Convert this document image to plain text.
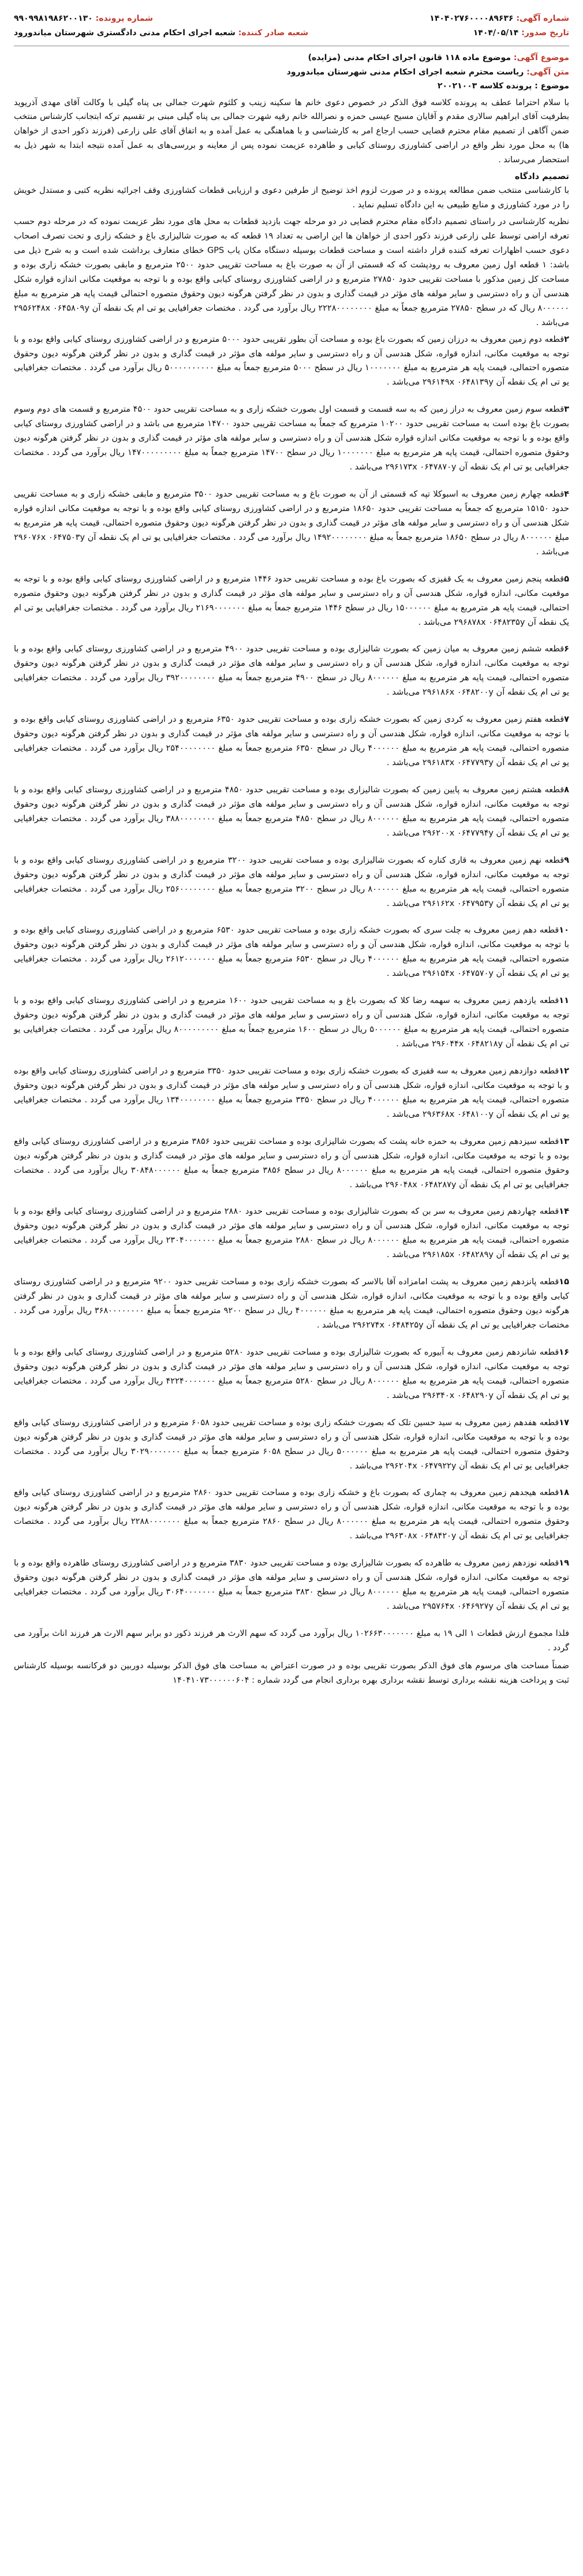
شماره آگهی: ۱۴۰۴۰۲۷۶۰۰۰۰۸۹۶۳۶
شماره پرونده: ۹۹۰۹۹۸۱۹۸۶۲۰۰۱۳۰
تاریخ صدور: ۱۴۰۴/۰۵/۱۴
شعبه صادر کننده: شعبه اجرای احکام مدنی دادگستری شهرستان میاندورود
موضوع آگهی: موضوع ماده ۱۱۸ قانون اجرای احکام مدنی (مزایده)
متن آگهی: ریاست محترم شعبه اجرای احکام مدنی شهرستان میاندورود
موضوع : پرونده کلاسه ۲۰۰۲۱۰۰۳

با سلام احتراما عطف به پرونده کلاسه فوق الذکر در خصوص دعوی خانم ها سکینه زینب و کلثوم شهرت جمالی بی پناه گیلی با وکالت آقای مهدی آذریوید بطرفیت آقای ابراهیم سالاری مقدم و آقایان مسیح عیسی حمزه و نصرالله خانم رقیه شهرت جمالی بی پناه گیلی مبنی بر تقسیم ترکه ابتجانب کارشناس منتخب ضمن آگاهی از تصمیم مقام محترم قضایی حسب ارجاع امر به کارشناسی و با هماهنگی به عمل آمده و به اتفاق آقای علی زارعی (فرزند ذکور احدی از خواهان ها) به محل مورد نظر واقع در اراضی کشاورزی روستای کیابی و طاهرده عزیمت نموده پس از معاینه و بررسی‌های به عمل آمده نتیجه ابتدا به شهر ذیل به استحضار می‌رساند .

تصمیم دادگاه

با کارشناسی منتخب ضمن مطالعه پرونده و در صورت لزوم اخذ توضیح از طرفین دعوی و ارزیابی قطعات کشاورزی وقف اجرائیه نظریه کتبی و مستدل خویش را در مورد کشاورزی و منابع طبیعی به این دادگاه تسلیم نماید .

نظریه کارشناسی در راستای تصمیم دادگاه مقام محترم قضایی در دو مرحله جهت بازدید قطعات به محل های مورد نظر عزیمت نموده که در مرحله دوم حسب تعرفه اراضی توسط علی زارعی فرزند ذکور احدی از خواهان ها این اراضی به تعداد ۱۹ قطعه که به صورت شالیزاری باغ و خشکه زاری و تحت تصرف اصحاب دعوی حسب اظهارات تعرفه کننده قرار داشته است و مساحت قطعات بوسیله دستگاه مکان یاب GPS خطای متعارف برداشت شده است و به شرح ذیل می باشد: ۱ قطعه اول زمین معروف به رودپشت که که قسمتی از آن به صورت باغ به مساحت تقریبی حدود ۲۵۰۰ مترمربع و مابقی بصورت خشکه زاری بوده و مساحت کل زمین مذکور با مساحت تقریبی حدود ۲۷۸۵۰ مترمربع و در اراضی کشاورزی روستای کیابی واقع بوده و با توجه به موقعیت مکانی اندازه قواره شکل هندسی آن و راه دسترسی و سایر مولفه های مؤثر در قیمت گذاری و بدون در نظر گرفتن هرگونه دیون وحقوق متصوره احتمالی قیمت پایه هر مترمربع به مبلغ ۸۰۰۰۰۰۰ ریال که در سطح ۲۷۸۵۰ مترمربع جمعاً به مبلغ ۲۲۲۸۰۰۰۰۰۰۰۰ ریال برآورد می گردد . مختصات جغرافیایی یو تی ام یک نقطه آن ۲۹۵۶۲۴۸x ۰۶۴۵۸۰۹y می‌باشد .

۲قطعه دوم زمین معروف به درزان زمین که بصورت باغ بوده و مساحت آن بطور تقریبی حدود ۵۰۰۰ مترمربع و در اراضی کشاورزی روستای کیابی واقع بوده و با توجه به موقعیت مکانی، اندازه قواره، شکل هندسی آن و راه دسترسی و سایر مولفه های مؤثر در قیمت گذاری و بدون در نظر گرفتن هرگونه دیون وحقوق متصوره احتمالی، قیمت پایه هر مترمربع به مبلغ ۱۰۰۰۰۰۰۰ ریال در سطح ۵۰۰۰ مترمربع جمعاً به مبلغ ۵۰۰۰۰۰۰۰۰۰۰ ریال برآورد می گردد . مختصات جغرافیایی یو تی ام یک نقطه آن ۲۹۶۱۴۹x ۰۶۴۸۱۳۹y می‌باشد .

۳قطعه سوم زمین معروف به دراز زمین که به سه قسمت و قسمت اول بصورت خشکه زاری و به مساحت تقریبی حدود ۴۵۰۰ مترمربع و قسمت های دوم وسوم بصورت باغ بوده است به مساحت تقریبی حدود ۱۰۲۰۰ مترمربع که جمعاً به مساحت تقریبی حدود ۱۴۷۰۰ مترمربع می باشد و در اراضی کشاورزی روستای کیابی واقع بوده و با توجه به موقعیت مکانی اندازه قواره شکل هندسی آن و راه دسترسی و سایر مولفه های مؤثر در قیمت گذاری و بدون در نظر گرفتن هرگونه دیون وحقوق متصوره احتمالی، قیمت پایه هر مترمربع به مبلغ ۱۰۰۰۰۰۰۰ ریال در سطح ۱۴۷۰۰ مترمربع جمعاً به مبلغ ۱۴۷۰۰۰۰۰۰۰۰۰ ریال برآورد می گردد . مختصات جغرافیایی یو تی ام یک نقطه آن ۲۹۶۱۷۳x ۰۶۴۷۸۷۰y می‌باشد .

۴قطعه چهارم زمین معروف به اسبوکلا تپه که قسمتی از آن به صورت باغ و به مساحت تقریبی حدود ۳۵۰۰ مترمربع و مابقی خشکه زاری و به مساحت تقریبی حدود ۱۵۱۵۰ مترمربع که جمعاً به مساحت تقریبی حدود ۱۸۶۵۰ مترمربع و در اراضی کشاورزی روستای کیابی واقع بوده و با توجه به موقعیت مکانی اندازه قواره شکل هندسی آن و راه دسترسی و سایر مولفه های مؤثر در قیمت گذاری و بدون در نظر گرفتن هرگونه دیون وحقوق متصوره احتمالی، قیمت پایه هر مترمربع به مبلغ ۸۰۰۰۰۰۰ ریال در سطح ۱۸۶۵۰ مترمربع جمعاً به مبلغ ۱۴۹۲۰۰۰۰۰۰۰۰ ریال برآورد می گردد . مختصات جغرافیایی یو تی ام یک نقطه آن ۲۹۶۰۷۶x ۰۶۴۷۵۰۳y می‌باشد .

۵قطعه پنجم زمین معروف به یک قفیزی که بصورت باغ بوده و مساحت تقریبی حدود ۱۴۴۶ مترمربع و در اراضی کشاورزی روستای کیابی واقع بوده و با توجه به موقعیت مکانی، اندازه قواره، شکل هندسی آن و راه دسترسی و سایر مولفه های مؤثر در قیمت گذاری و بدون در نظر گرفتن هرگونه دیون وحقوق متصوره احتمالی، قیمت پایه هر مترمربع به مبلغ ۱۵۰۰۰۰۰۰ ریال در سطح ۱۴۴۶ مترمربع جمعاً به مبلغ ۲۱۶۹۰۰۰۰۰۰۰ ریال برآورد می گردد . مختصات جغرافیایی یو تی ام یک نقطه آن ۲۹۶۸۷۸x ۰۶۴۸۲۳۵y می‌باشد .

۶قطعه ششم زمین معروف به میان زمین که بصورت شالیزاری بوده و مساحت تقریبی حدود ۴۹۰۰ مترمربع و در اراضی کشاورزی روستای کیابی واقع بوده و با توجه به موقعیت مکانی، اندازه قواره، شکل هندسی آن و راه دسترسی و سایر مولفه های مؤثر در قیمت گذاری و بدون در نظر گرفتن هرگونه دیون وحقوق متصوره احتمالی، قیمت پایه هر مترمربع به مبلغ ۸۰۰۰۰۰۰ ریال در سطح ۴۹۰۰ مترمربع جمعاً به مبلغ ۳۹۲۰۰۰۰۰۰۰۰ ریال برآورد می گردد . مختصات جغرافیایی یو تی ام یک نقطه آن ۲۹۶۱۸۶x ۰۶۴۸۲۰۰y می‌باشد .

۷قطعه هفتم زمین معروف به کردی زمین که بصورت خشکه زاری بوده و مساحت تقریبی حدود ۶۳۵۰ مترمربع و در اراضی کشاورزی روستای کیابی واقع بوده و با توجه به موقعیت مکانی، اندازه قواره، شکل هندسی آن و راه دسترسی و سایر مولفه های مؤثر در قیمت گذاری و بدون در نظر گرفتن هرگونه دیون وحقوق متصوره احتمالی، قیمت پایه هر مترمربع به مبلغ ۴۰۰۰۰۰۰ ریال در سطح ۶۳۵۰ مترمربع جمعاً به مبلغ ۲۵۴۰۰۰۰۰۰۰۰ ریال برآورد می گردد . مختصات جغرافیایی یو تی ام یک نقطه آن ۲۹۶۱۸۳x ۰۶۴۷۷۹۳y می‌باشد .

۸قطعه هشتم زمین معروف به پایین زمین که بصورت شالیزاری بوده و مساحت تقریبی حدود ۴۸۵۰ مترمربع و در اراضی کشاورزی روستای کیابی واقع بوده و با توجه به موقعیت مکانی، اندازه قواره، شکل هندسی آن و راه دسترسی و سایر مولفه های مؤثر در قیمت گذاری و بدون در نظر گرفتن هرگونه دیون وحقوق متصوره احتمالی، قیمت پایه هر مترمربع به مبلغ ۸۰۰۰۰۰۰ ریال در سطح ۴۸۵۰ مترمربع جمعاً به مبلغ ۳۸۸۰۰۰۰۰۰۰۰ ریال برآورد می گردد . مختصات جغرافیایی یو تی ام یک نقطه آن ۲۹۶۲۰۰x ۰۶۴۷۷۹۴y می‌باشد .

۹قطعه نهم زمین معروف به قاری کناره که بصورت شالیزاری بوده و مساحت تقریبی حدود ۳۲۰۰ مترمربع و در اراضی کشاورزی روستای کیابی واقع بوده و با توجه به موقعیت مکانی، اندازه قواره، شکل هندسی آن و راه دسترسی و سایر مولفه های مؤثر در قیمت گذاری و بدون در نظر گرفتن هرگونه دیون وحقوق متصوره احتمالی، قیمت پایه هر مترمربع به مبلغ ۸۰۰۰۰۰۰ ریال در سطح ۳۲۰۰ مترمربع جمعاً به مبلغ ۲۵۶۰۰۰۰۰۰۰۰ ریال برآورد می گردد . مختصات جغرافیایی یو تی ام یک نقطه آن ۲۹۶۱۶۲x ۰۶۴۷۹۵۳y می‌باشد .

۱۰قطعه دهم زمین معروف به چلت سری که بصورت خشکه زاری بوده و مساحت تقریبی حدود ۶۵۳۰ مترمربع و در اراضی کشاورزی روستای کیابی واقع بوده و با توجه به موقعیت مکانی، اندازه قواره، شکل هندسی آن و راه دسترسی و سایر مولفه های مؤثر در قیمت گذاری و بدون در نظر گرفتن هرگونه دیون وحقوق متصوره احتمالی، قیمت پایه هر مترمربع به مبلغ ۴۰۰۰۰۰۰ ریال در سطح ۶۵۳۰ مترمربع جمعاً به مبلغ ۲۶۱۲۰۰۰۰۰۰۰ ریال برآورد می گردد . مختصات جغرافیایی یو تی ام یک نقطه آن ۲۹۶۱۵۴x ۰۶۴۷۵۷۰y می‌باشد .

۱۱قطعه یازدهم زمین معروف به سهمه رضا کلا که بصورت باغ و به مساحت تقریبی حدود ۱۶۰۰ مترمربع و در اراضی کشاورزی روستای کیابی واقع بوده و با توجه به موقعیت مکانی، اندازه قواره، شکل هندسی آن و راه دسترسی و سایر مولفه های مؤثر در قیمت گذاری و بدون در نظر گرفتن هرگونه دیون وحقوق متصوره احتمالی، قیمت پایه هر مترمربع به مبلغ ۵۰۰۰۰۰۰ ریال در سطح ۱۶۰۰ مترمربع جمعاً به مبلغ ۸۰۰۰۰۰۰۰۰۰ ریال برآورد می گردد . مختصات جغرافیایی یو تی ام یک نقطه آن ۲۹۶۰۴۴x ۰۶۴۸۲۱۸y می‌باشد .

۱۲قطعه دوازدهم زمین معروف به سه قفیزی که بصورت خشکه زاری بوده و مساحت تقریبی حدود ۳۳۵۰ مترمربع و در اراضی کشاورزی روستای کیابی واقع بوده و با توجه به موقعیت مکانی، اندازه قواره، شکل هندسی آن و راه دسترسی و سایر مولفه های مؤثر در قیمت گذاری و بدون در نظر گرفتن هرگونه دیون وحقوق متصوره احتمالی، قیمت پایه هر مترمربع به مبلغ ۴۰۰۰۰۰۰ ریال در سطح ۳۳۵۰ مترمربع جمعاً به مبلغ ۱۳۴۰۰۰۰۰۰۰۰ ریال برآورد می گردد . مختصات جغرافیایی یو تی ام یک نقطه آن ۲۹۶۳۶۸x ۰۶۴۸۱۰۰y می‌باشد .

۱۳قطعه سیزدهم زمین معروف به حمزه خانه پشت که بصورت شالیزاری بوده و مساحت تقریبی حدود ۳۸۵۶ مترمربع و در اراضی کشاورزی روستای کیابی واقع بوده و با توجه به موقعیت مکانی، اندازه قواره، شکل هندسی آن و راه دسترسی و سایر مولفه های مؤثر در قیمت گذاری و بدون در نظر گرفتن هرگونه دیون وحقوق متصوره احتمالی، قیمت پایه هر مترمربع به مبلغ ۸۰۰۰۰۰۰ ریال در سطح ۳۸۵۶ مترمربع جمعاً به مبلغ ۳۰۸۴۸۰۰۰۰۰۰ ریال برآورد می گردد . مختصات جغرافیایی یو تی ام یک نقطه آن ۲۹۶۰۴۸x ۰۶۴۸۲۸۷y می‌باشد .

۱۴قطعه چهاردهم زمین معروف به سر بن که بصورت شالیزاری بوده و مساحت تقریبی حدود ۲۸۸۰ مترمربع و در اراضی کشاورزی روستای کیابی واقع بوده و با توجه به موقعیت مکانی، اندازه قواره، شکل هندسی آن و راه دسترسی و سایر مولفه های مؤثر در قیمت گذاری و بدون در نظر گرفتن هرگونه دیون وحقوق متصوره احتمالی، قیمت پایه هر مترمربع به مبلغ ۸۰۰۰۰۰۰ ریال در سطح ۲۸۸۰ مترمربع جمعاً به مبلغ ۲۳۰۴۰۰۰۰۰۰۰ ریال برآورد می گردد . مختصات جغرافیایی یو تی ام یک نقطه آن ۲۹۶۱۸۵x ۰۶۴۸۲۸۹y می‌باشد .

۱۵قطعه پانزدهم زمین معروف به پشت امامزاده آقا بالاسر که بصورت خشکه زاری بوده و مساحت تقریبی حدود ۹۲۰۰ مترمربع و در اراضی کشاورزی روستای کیابی واقع بوده و با توجه به موقعیت مکانی، اندازه قواره، شکل هندسی آن و راه دسترسی و سایر مولفه های مؤثر در قیمت گذاری و بدون در نظر گرفتن هرگونه دیون وحقوق متصوره احتمالی، قیمت پایه هر مترمربع به مبلغ ۴۰۰۰۰۰۰ ریال در سطح ۹۲۰۰ مترمربع جمعاً به مبلغ ۳۶۸۰۰۰۰۰۰۰۰ ریال برآورد می گردد . مختصات جغرافیایی یو تی ام یک نقطه آن ۲۹۶۲۷۴x ۰۶۴۸۴۲۵y می‌باشد .

۱۶قطعه شانزدهم زمین معروف به آبیوره که بصورت شالیزاری بوده و مساحت تقریبی حدود ۵۲۸۰ مترمربع و در اراضی کشاورزی روستای کیابی واقع بوده و با توجه به موقعیت مکانی، اندازه قواره، شکل هندسی آن و راه دسترسی و سایر مولفه های مؤثر در قیمت گذاری و بدون در نظر گرفتن هرگونه دیون وحقوق متصوره احتمالی، قیمت پایه هر مترمربع به مبلغ ۸۰۰۰۰۰۰ ریال در سطح ۵۲۸۰ مترمربع جمعاً به مبلغ ۴۲۲۴۰۰۰۰۰۰۰ ریال برآورد می گردد . مختصات جغرافیایی یو تی ام یک نقطه آن ۲۹۶۳۴۰x ۰۶۴۸۲۹۰y می‌باشد .

۱۷قطعه هفدهم زمین معروف به سید حسین تلک که بصورت خشکه زاری بوده و مساحت تقریبی حدود ۶۰۵۸ مترمربع و در اراضی کشاورزی روستای کیابی واقع بوده و با توجه به موقعیت مکانی، اندازه قواره، شکل هندسی آن و راه دسترسی و سایر مولفه های مؤثر در قیمت گذاری و بدون در نظر گرفتن هرگونه دیون وحقوق متصوره احتمالی، قیمت پایه هر مترمربع به مبلغ ۵۰۰۰۰۰۰ ریال در سطح ۶۰۵۸ مترمربع جمعاً به مبلغ ۳۰۲۹۰۰۰۰۰۰۰ ریال برآورد می گردد . مختصات جغرافیایی یو تی ام یک نقطه آن ۲۹۶۲۰۴x ۰۶۴۷۹۲۲y می‌باشد .

۱۸قطعه هیجدهم زمین معروف به چماری که بصورت باغ و خشکه زاری بوده و مساحت تقریبی حدود ۲۸۶۰ مترمربع و در اراضی کشاورزی روستای کیابی واقع بوده و با توجه به موقعیت مکانی، اندازه قواره، شکل هندسی آن و راه دسترسی و سایر مولفه های مؤثر در قیمت گذاری و بدون در نظر گرفتن هرگونه دیون وحقوق متصوره احتمالی، قیمت پایه هر مترمربع به مبلغ ۸۰۰۰۰۰۰ ریال در سطح ۲۸۶۰ مترمربع جمعاً به مبلغ ۲۲۸۸۰۰۰۰۰۰۰ ریال برآورد می گردد . مختصات جغرافیایی یو تی ام یک نقطه آن ۲۹۶۳۰۸x ۰۶۴۸۴۲۰y می‌باشد .

۱۹قطعه نوزدهم زمین معروف به طاهرده که بصورت شالیزاری بوده و مساحت تقریبی حدود ۳۸۳۰ مترمربع و در اراضی کشاورزی روستای طاهرده واقع بوده و با توجه به موقعیت مکانی، اندازه قواره، شکل هندسی آن و راه دسترسی و سایر مولفه های مؤثر در قیمت گذاری و بدون در نظر گرفتن هرگونه دیون وحقوق متصوره احتمالی، قیمت پایه هر مترمربع به مبلغ ۸۰۰۰۰۰۰ ریال در سطح ۳۸۳۰ مترمربع جمعاً به مبلغ ۳۰۶۴۰۰۰۰۰۰۰ ریال برآورد می گردد . مختصات جغرافیایی یو تی ام یک نقطه آن ۲۹۵۷۶۴x ۰۶۴۶۹۲۷y می‌باشد .

فلذا مجموع ارزش قطعات ۱ الی ۱۹ به مبلغ ۱۰۲۶۶۳۰۰۰۰۰۰۰ ریال برآورد می گردد که سهم الارث هر فرزند ذکور دو برابر سهم الارث هر فرزند اناث برآورد می گردد .

ضمناً مساحت های مرسوم های فوق الذکر بصورت تقریبی بوده و در صورت اعتراض به مساحت های فوق الذکر بوسیله دوربین دو فرکانسه بوسیله کارشناس ثبت و پرداخت هزینه نقشه برداری توسط نقشه برداری بهره برداری انجام می گردد شماره : ۱۴۰۴۱۰۷۳۰۰۰۰۰۰۶۰۴
